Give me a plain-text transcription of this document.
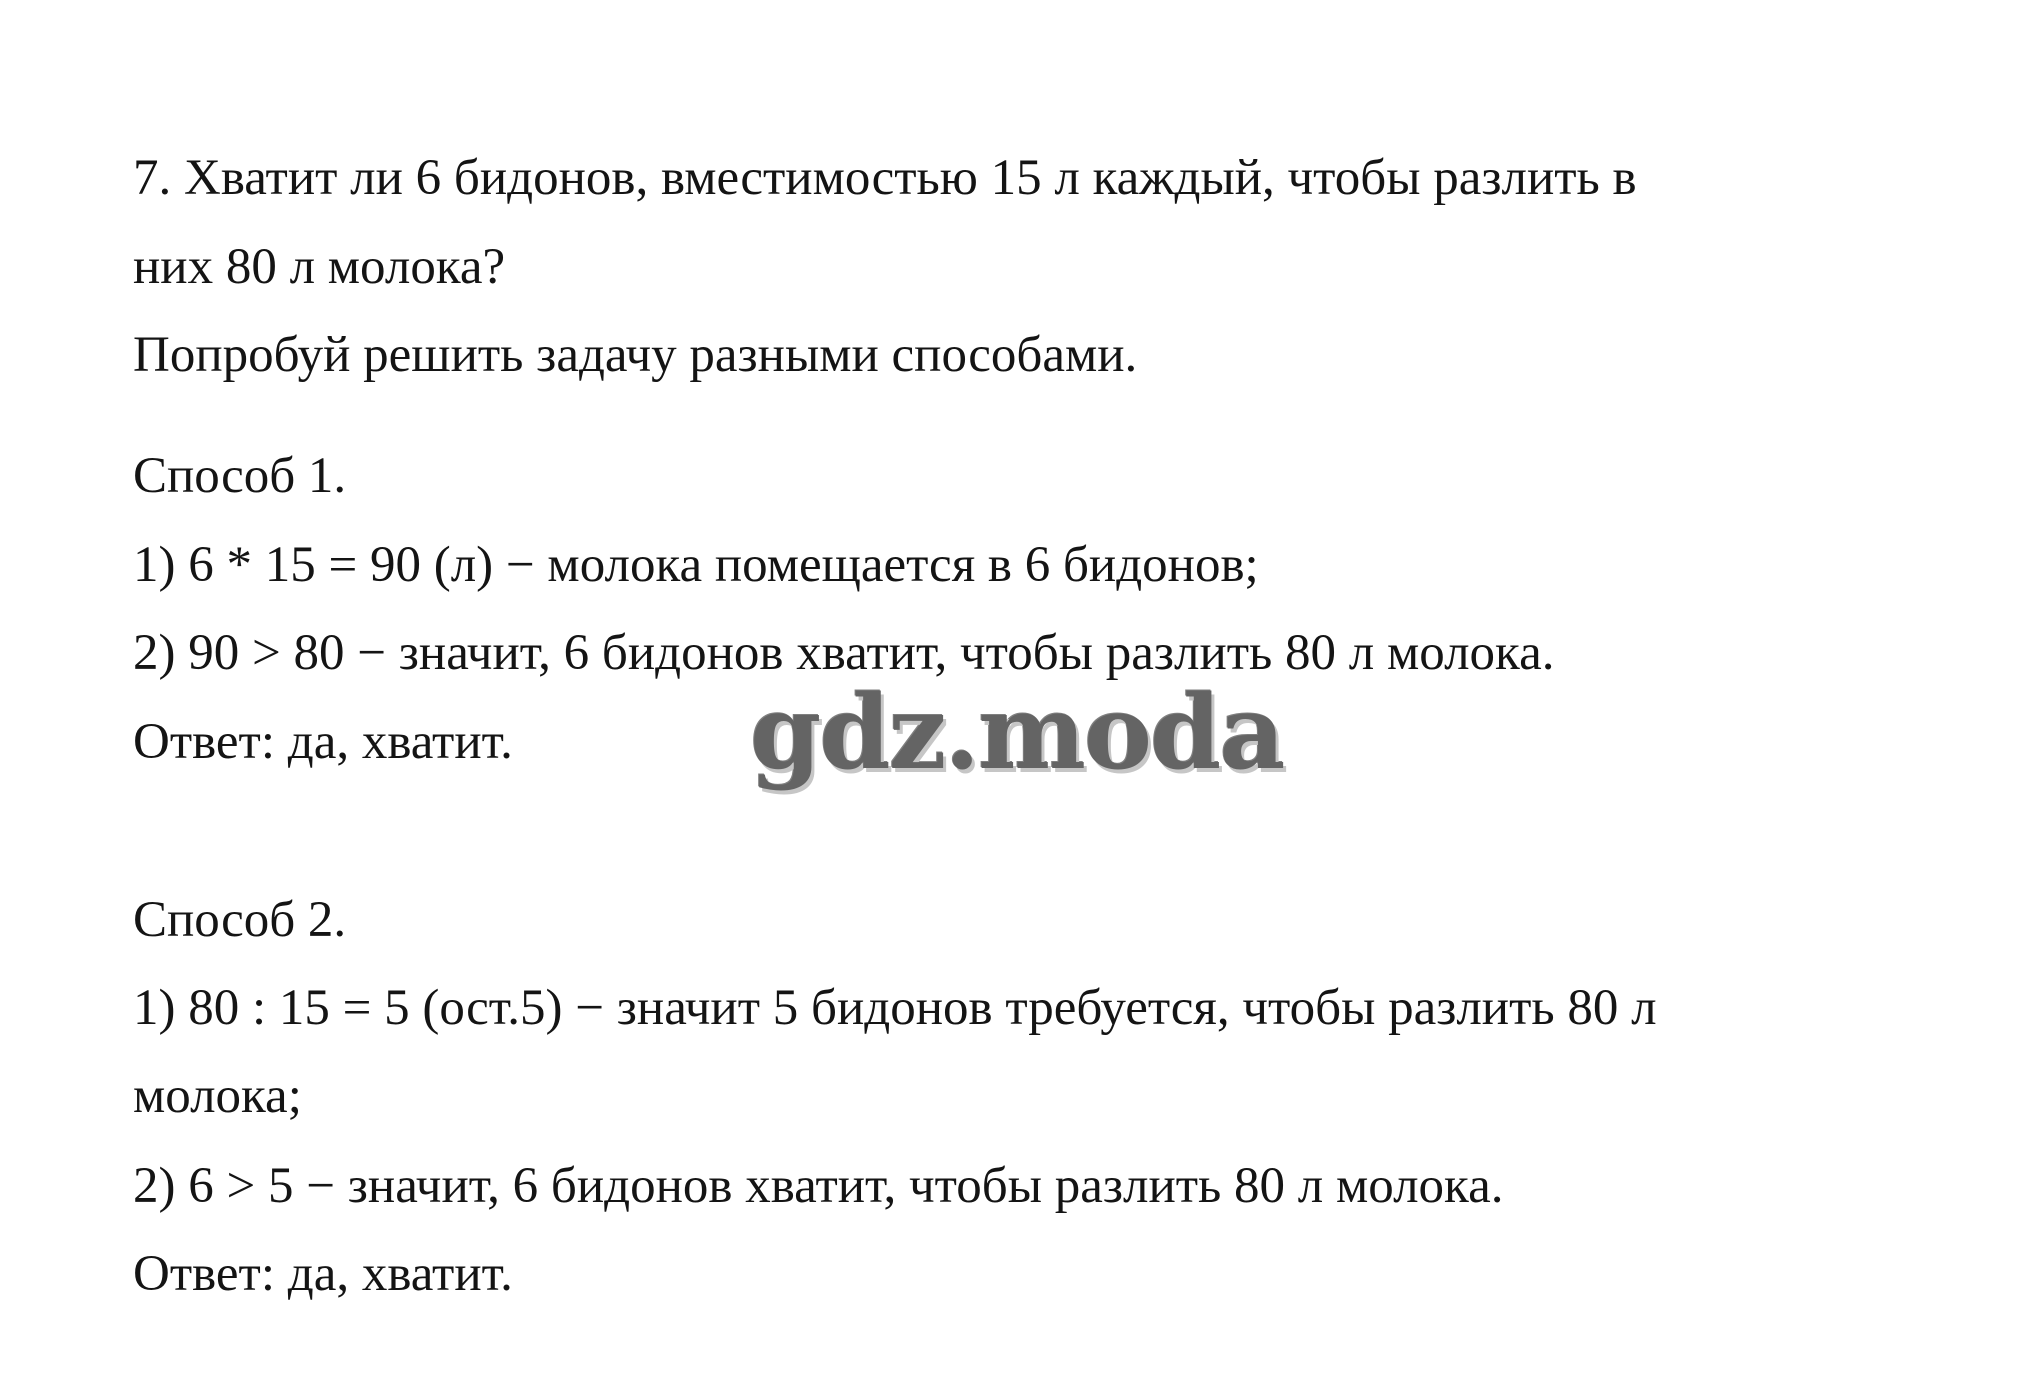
7. Хватит ли 6 бидонов, вместимостью 15 л каждый, чтобы разлить в
них 80 л молока?
Попробуй решить задачу разными способами.
Способ 1.
1) 6 * 15 = 90 (л) − молока помещается в 6 бидонов;
2) 90 > 80 − значит, 6 бидонов хватит, чтобы разлить 80 л молока.
Ответ: да, хватит.
Способ 2.
1) 80 : 15 = 5 (ост.5) − значит 5 бидонов требуется, чтобы разлить 80 л
молока;
2) 6 > 5 − значит, 6 бидонов хватит, чтобы разлить 80 л молока.
Ответ: да, хватит.
gdz.moda
